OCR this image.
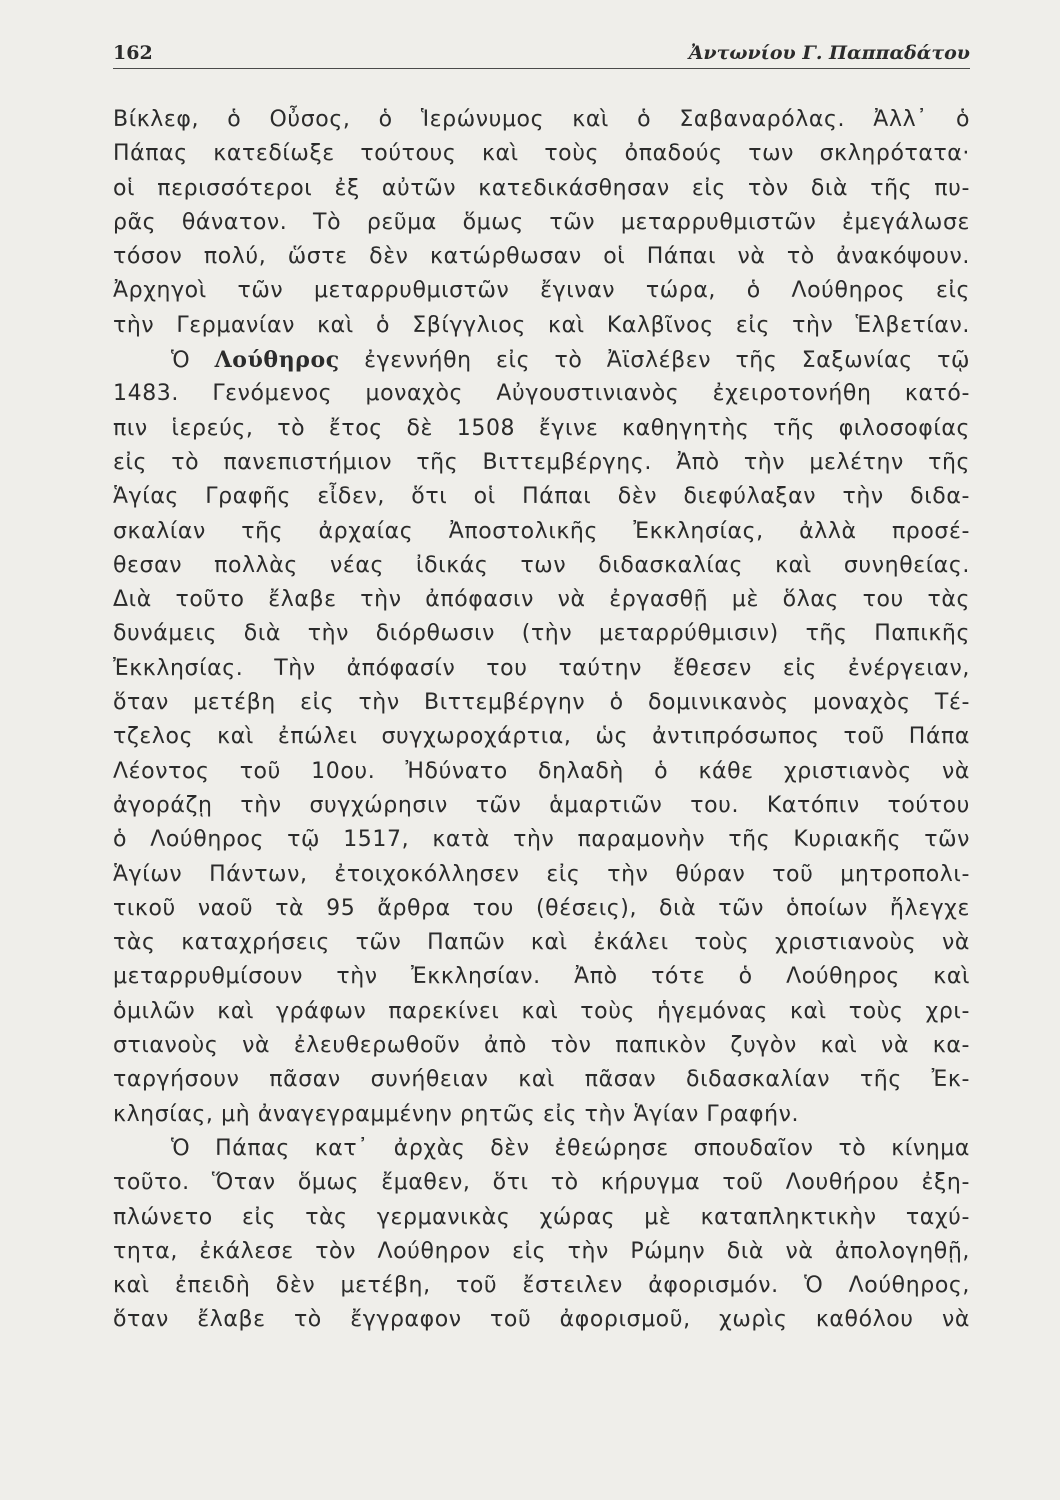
162	Ἀντωνίου Γ. Παππαδάτου
Βίκλεφ, ὁ Οὖσος, ὁ Ἱερώνυμος καὶ ὁ Σαβαναρόλας. Ἀλλ᾽ ὁ
Πάπας κατεδίωξε τούτους καὶ τοὺς ὀπαδούς των σκληρότατα·
οἱ περισσότεροι ἐξ αὐτῶν κατεδικάσθησαν εἰς τὸν διὰ τῆς πυ-
ρᾶς θάνατον. Τὸ ρεῦμα ὅμως τῶν μεταρρυθμιστῶν ἐμεγάλωσε
τόσον πολύ, ὥστε δὲν κατώρθωσαν οἱ Πάπαι νὰ τὸ ἀνακόψουν.
Ἀρχηγοὶ τῶν μεταρρυθμιστῶν ἔγιναν τώρα, ὁ Λούθηρος εἰς
τὴν Γερμανίαν καὶ ὁ Σβίγγλιος καὶ Καλβῖνος εἰς τὴν Ἑλβετίαν.
Ὁ Λούθηρος ἐγεννήθη εἰς τὸ Ἀϊσλέβεν τῆς Σαξωνίας τῷ
1483. Γενόμενος μοναχὸς Αὐγουστινιανὸς ἐχειροτονήθη κατό-
πιν ἱερεύς, τὸ ἔτος δὲ 1508 ἔγινε καθηγητὴς τῆς φιλοσοφίας
εἰς τὸ πανεπιστήμιον τῆς Βιττεμβέργης. Ἀπὸ τὴν μελέτην τῆς
Ἁγίας Γραφῆς εἶδεν, ὅτι οἱ Πάπαι δὲν διεφύλαξαν τὴν διδα-
σκαλίαν τῆς ἀρχαίας Ἀποστολικῆς Ἐκκλησίας, ἀλλὰ προσέ-
θεσαν πολλὰς νέας ἰδικάς των διδασκαλίας καὶ συνηθείας.
Διὰ τοῦτο ἔλαβε τὴν ἀπόφασιν νὰ ἐργασθῇ μὲ ὅλας του τὰς
δυνάμεις διὰ τὴν διόρθωσιν (τὴν μεταρρύθμισιν) τῆς Παπικῆς
Ἐκκλησίας. Τὴν ἀπόφασίν του ταύτην ἔθεσεν εἰς ἐνέργειαν,
ὅταν μετέβη εἰς τὴν Βιττεμβέργην ὁ δομινικανὸς μοναχὸς Τέ-
τζελος καὶ ἐπώλει συγχωροχάρτια, ὡς ἀντιπρόσωπος τοῦ Πάπα
Λέοντος τοῦ 10ου. Ἠδύνατο δηλαδὴ ὁ κάθε χριστιανὸς νὰ
ἀγοράζῃ τὴν συγχώρησιν τῶν ἁμαρτιῶν του. Κατόπιν τούτου
ὁ Λούθηρος τῷ 1517, κατὰ τὴν παραμονὴν τῆς Κυριακῆς τῶν
Ἁγίων Πάντων, ἐτοιχοκόλλησεν εἰς τὴν θύραν τοῦ μητροπολι-
τικοῦ ναοῦ τὰ 95 ἄρθρα του (θέσεις), διὰ τῶν ὁποίων ἤλεγχε
τὰς καταχρήσεις τῶν Παπῶν καὶ ἐκάλει τοὺς χριστιανοὺς νὰ
μεταρρυθμίσουν τὴν Ἐκκλησίαν. Ἀπὸ τότε ὁ Λούθηρος καὶ
ὁμιλῶν καὶ γράφων παρεκίνει καὶ τοὺς ἡγεμόνας καὶ τοὺς χρι-
στιανοὺς νὰ ἐλευθερωθοῦν ἀπὸ τὸν παπικὸν ζυγὸν καὶ νὰ κα-
ταργήσουν πᾶσαν συνήθειαν καὶ πᾶσαν διδασκαλίαν τῆς Ἐκ-
κλησίας, μὴ ἀναγεγραμμένην ρητῶς εἰς τὴν Ἁγίαν Γραφήν.
Ὁ Πάπας κατ᾽ ἀρχὰς δὲν ἐθεώρησε σπουδαῖον τὸ κίνημα
τοῦτο. Ὅταν ὅμως ἔμαθεν, ὅτι τὸ κήρυγμα τοῦ Λουθήρου ἐξη-
πλώνετο εἰς τὰς γερμανικὰς χώρας μὲ καταπληκτικὴν ταχύ-
τητα, ἐκάλεσε τὸν Λούθηρον εἰς τὴν Ρώμην διὰ νὰ ἀπολογηθῇ,
καὶ ἐπειδὴ δὲν μετέβη, τοῦ ἔστειλεν ἀφορισμόν. Ὁ Λούθηρος,
ὅταν ἔλαβε τὸ ἔγγραφον τοῦ ἀφορισμοῦ, χωρὶς καθόλου νὰ
